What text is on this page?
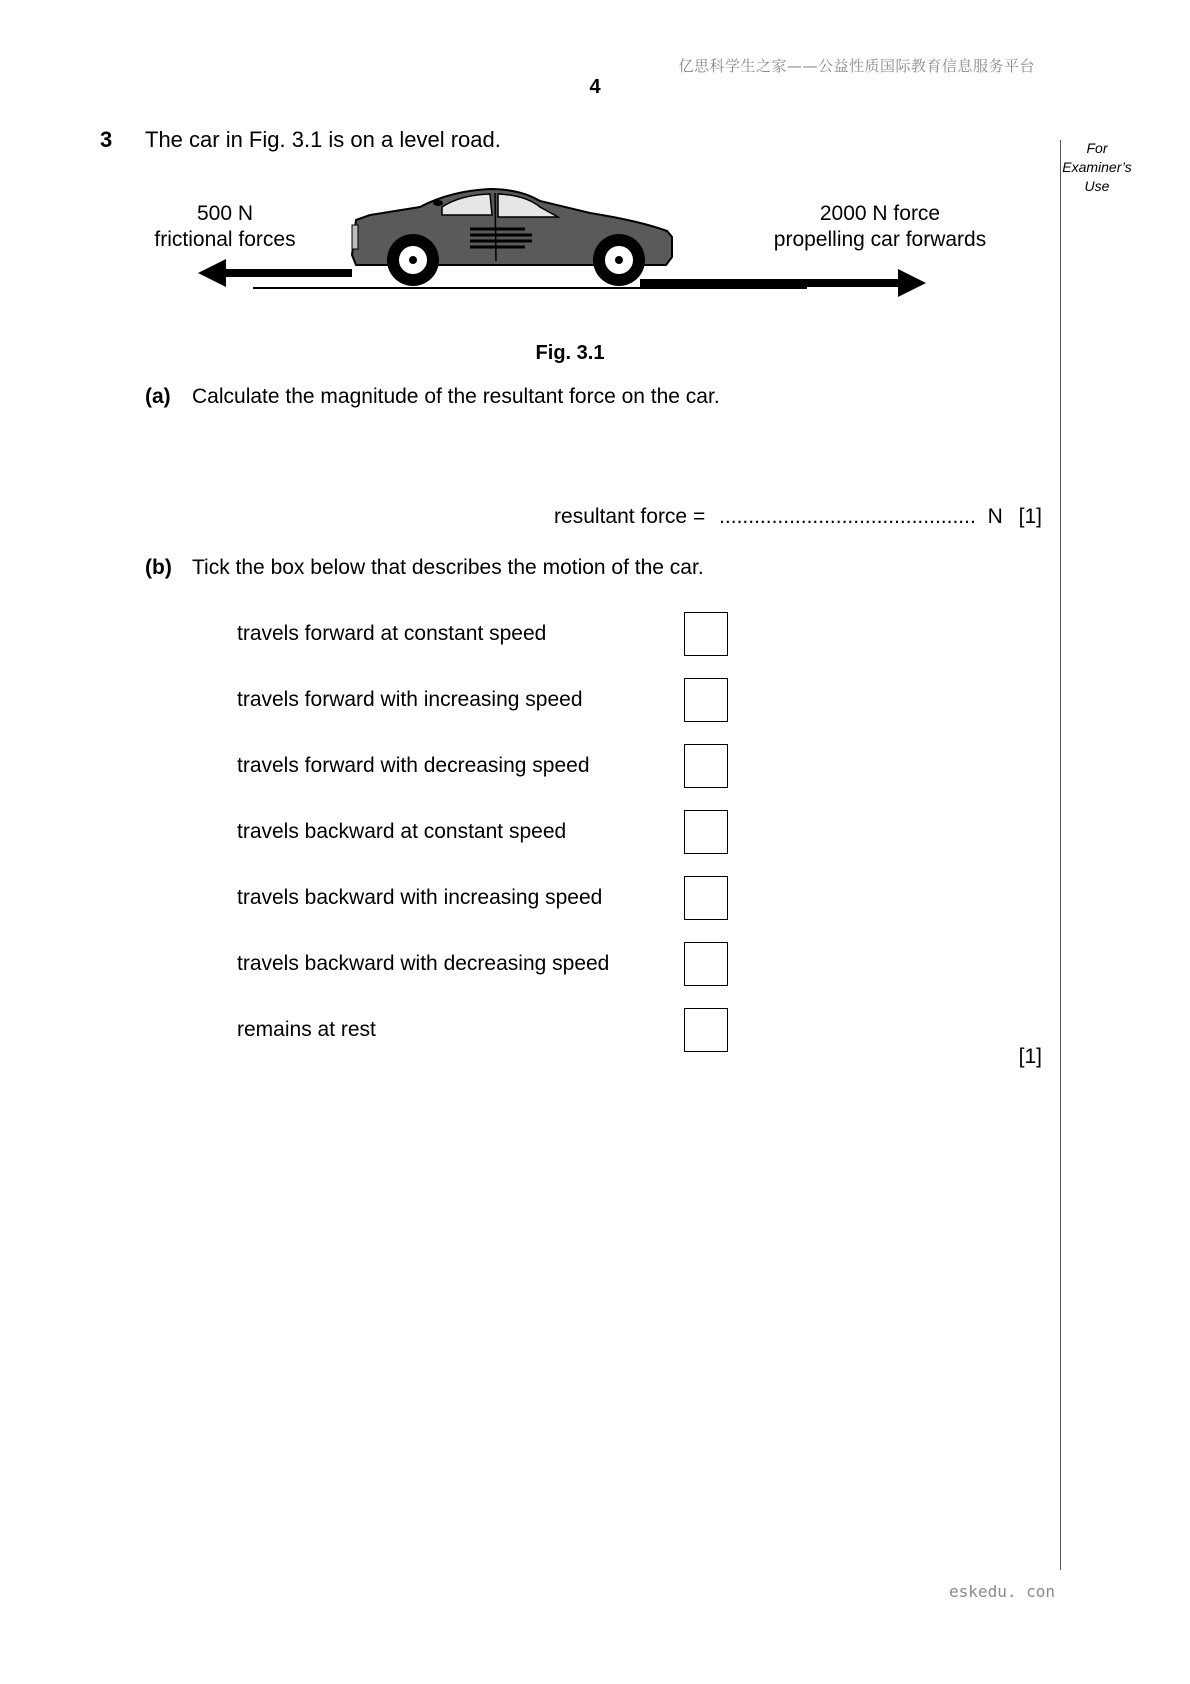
亿思科学生之家——公益性质国际教育信息服务平台
4
For Examiner’s Use
3 The car in Fig. 3.1 is on a level road.
500 N
frictional forces
2000 N force
propelling car forwards
Fig. 3.1
(a) Calculate the magnitude of the resultant force on the car.
resultant force = ............................................ N [1]
(b) Tick the box below that describes the motion of the car.
travels forward at constant speed
travels forward with increasing speed
travels forward with decreasing speed
travels backward at constant speed
travels backward with increasing speed
travels backward with decreasing speed
remains at rest
[1]
eskedu. con
